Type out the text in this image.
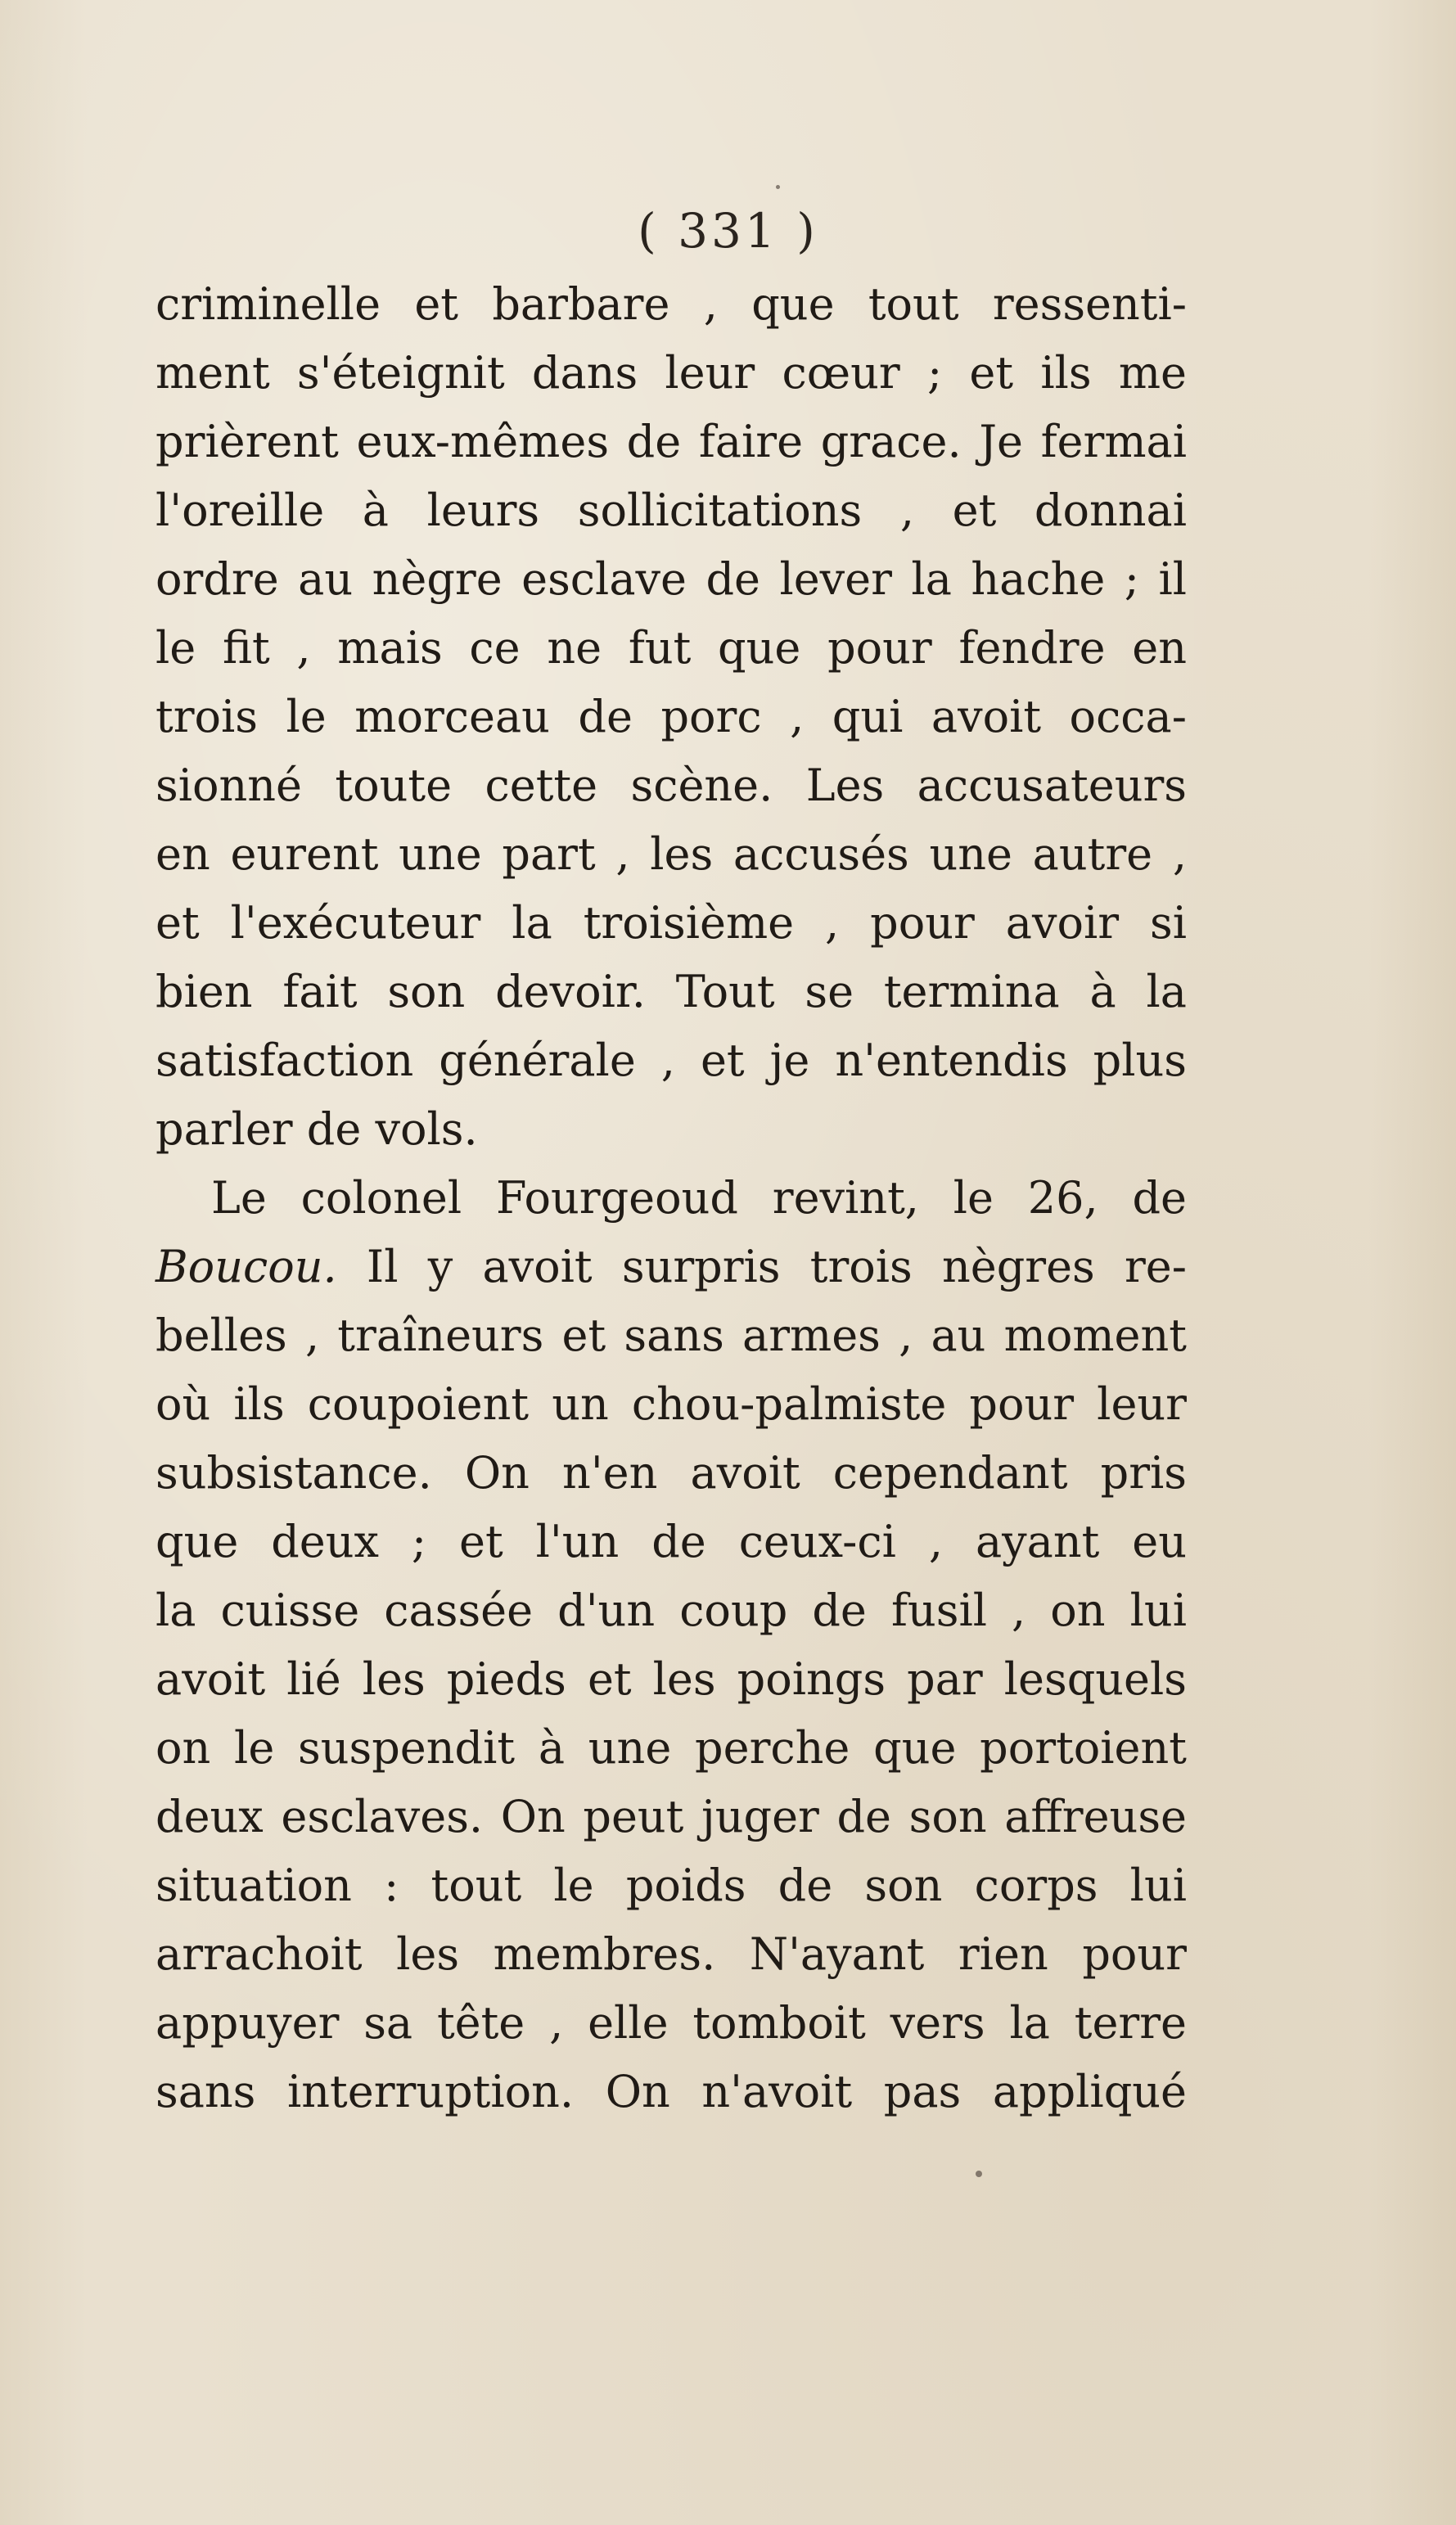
( 331 )
criminelle et barbare , que tout ressenti-
ment s'éteignit dans leur cœur ; et ils me
prièrent eux-mêmes de faire grace. Je fermai
l'oreille à leurs sollicitations , et donnai
ordre au nègre esclave de lever la hache ; il
le fit , mais ce ne fut que pour fendre en
trois le morceau de porc , qui avoit occa-
sionné toute cette scène. Les accusateurs
en eurent une part , les accusés une autre ,
et l'exécuteur la troisième , pour avoir si
bien fait son devoir. Tout se termina à la
satisfaction générale , et je n'entendis plus
parler de vols.
Le colonel Fourgeoud revint, le 26, de
Boucou. Il y avoit surpris trois nègres re-
belles , traîneurs et sans armes , au moment
où ils coupoient un chou-palmiste pour leur
subsistance. On n'en avoit cependant pris
que deux ; et l'un de ceux-ci , ayant eu
la cuisse cassée d'un coup de fusil , on lui
avoit lié les pieds et les poings par lesquels
on le suspendit à une perche que portoient
deux esclaves. On peut juger de son affreuse
situation : tout le poids de son corps lui
arrachoit les membres. N'ayant rien pour
appuyer sa tête , elle tomboit vers la terre
sans interruption. On n'avoit pas appliqué
